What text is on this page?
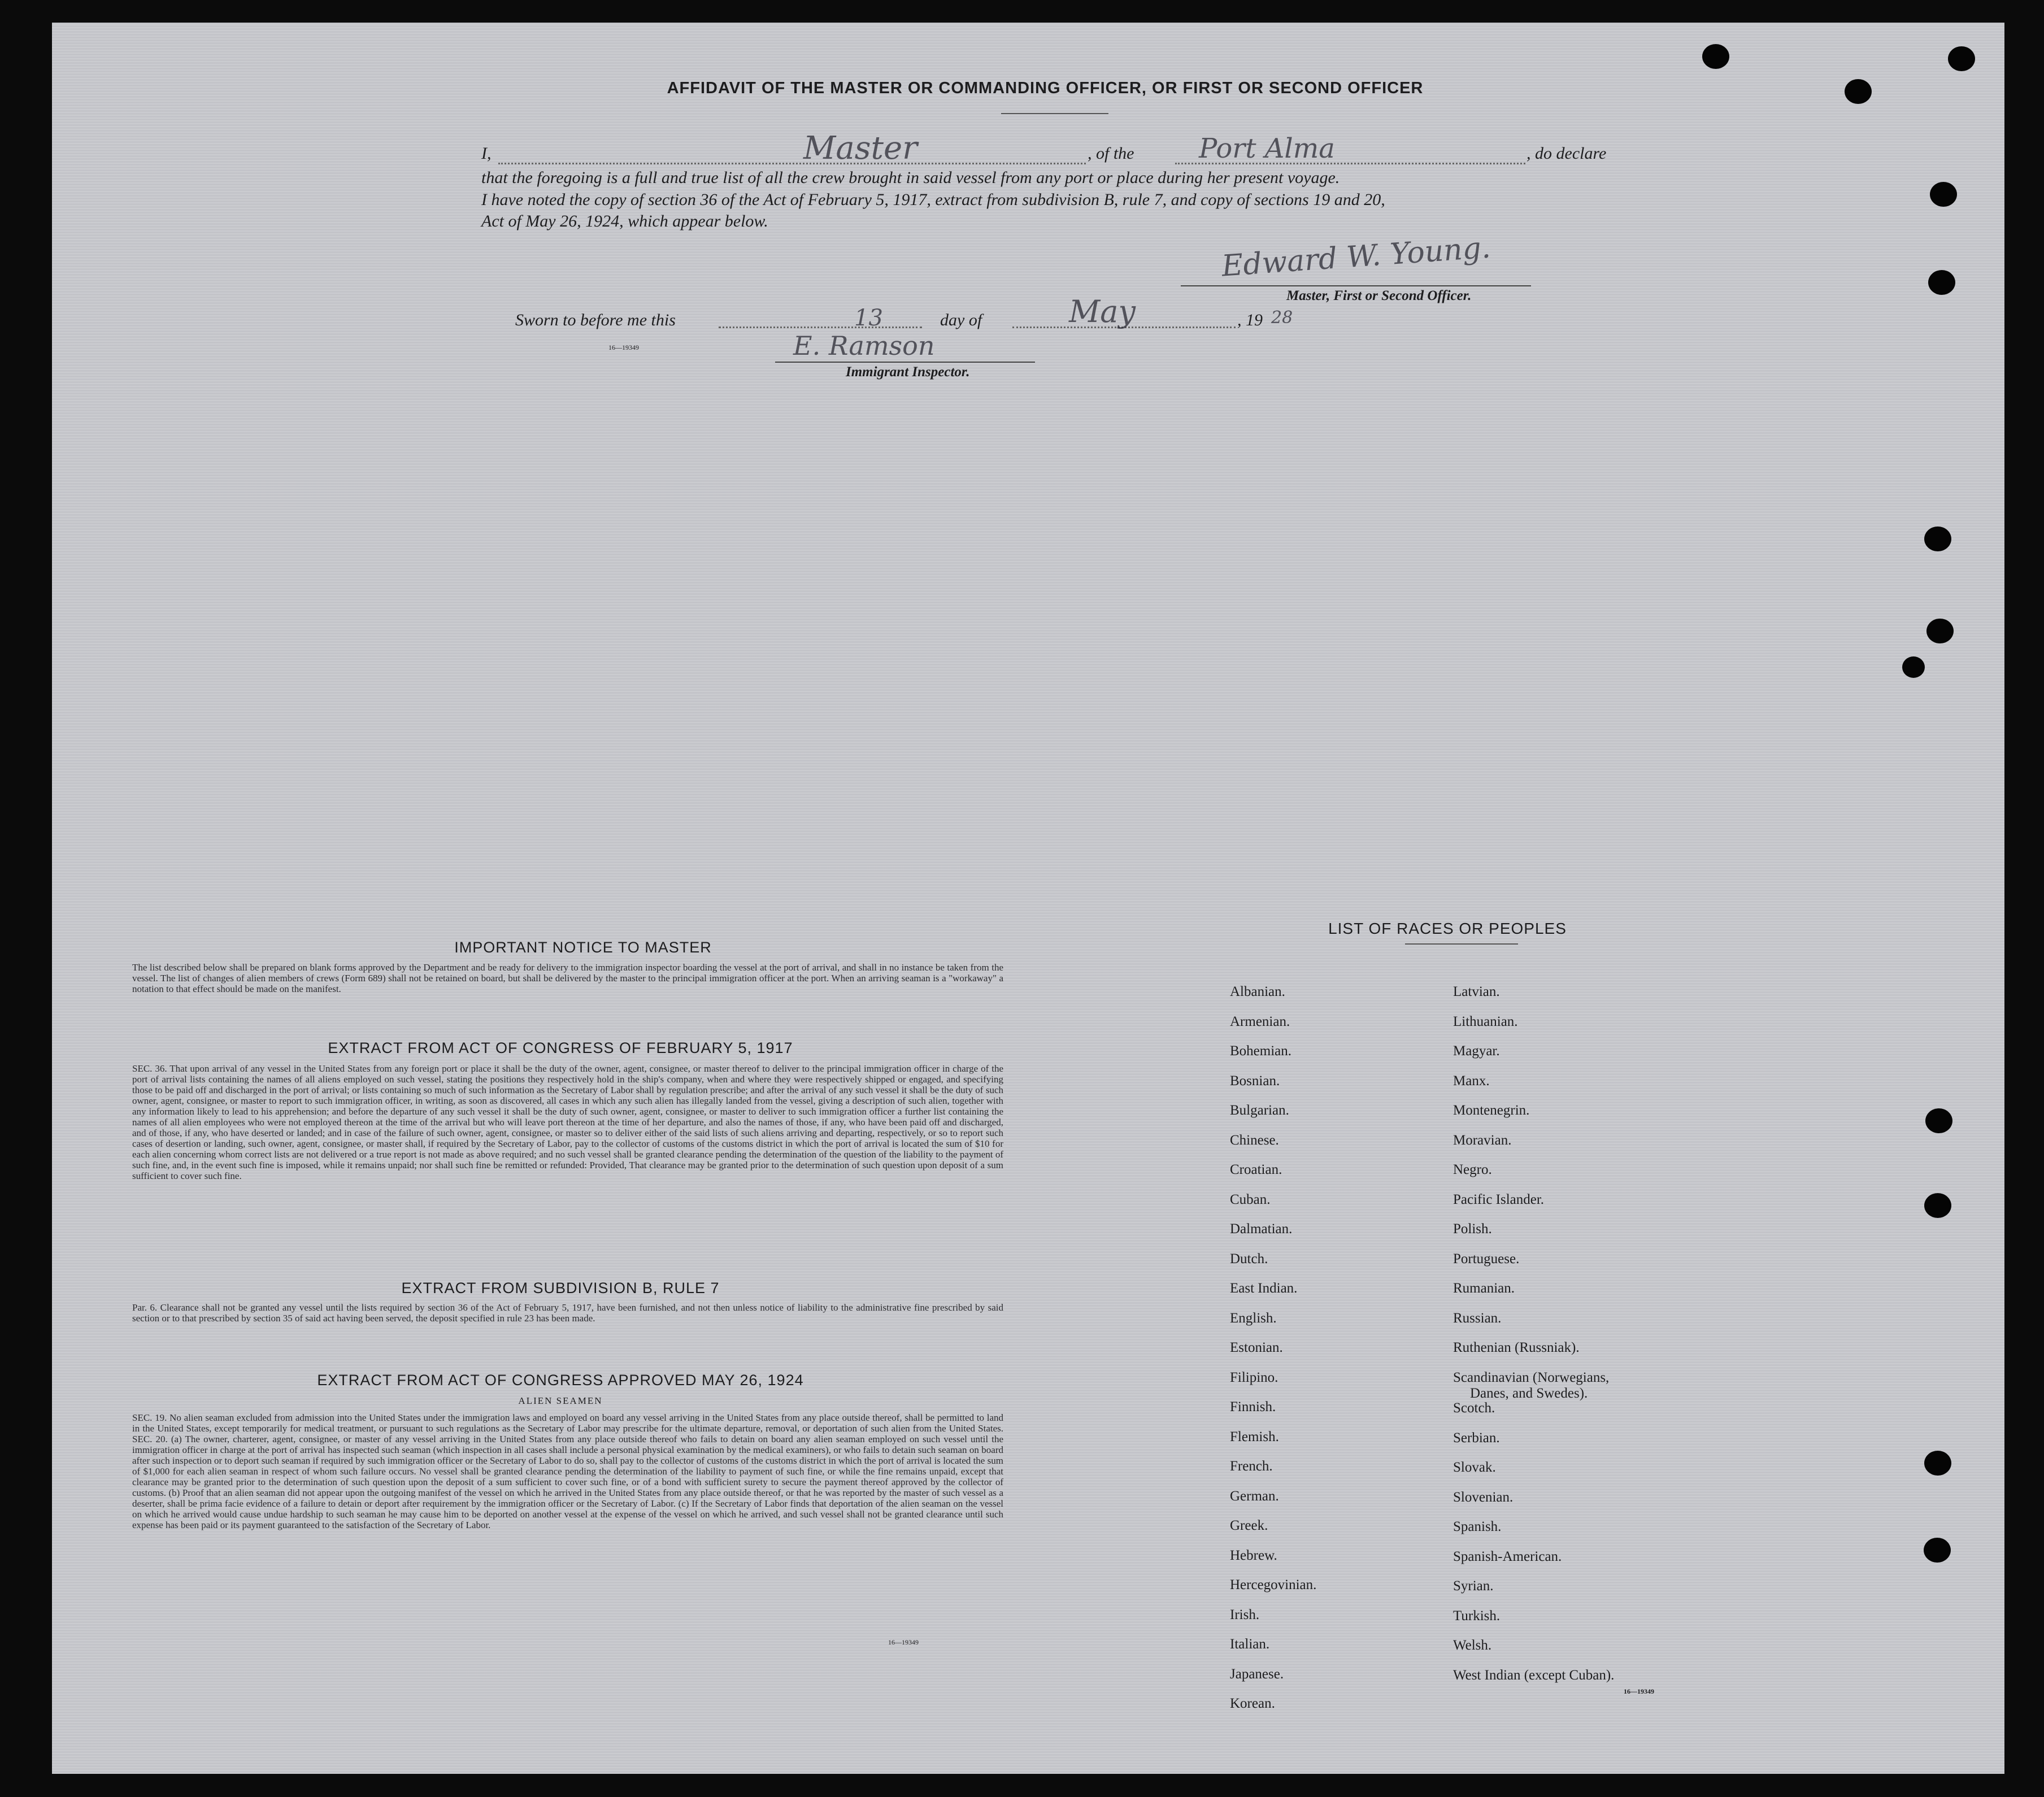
AFFIDAVIT OF THE MASTER OR COMMANDING OFFICER, OR FIRST OR SECOND OFFICER
I,	Master	, of the Port Alma	, do declare
that the foregoing is a full and true list of all the crew brought in said vessel from any port or place during her present voyage.
I have noted the copy of section 36 of the Act of February 5, 1917, extract from subdivision B, rule 7, and copy of sections 19 and 20,
Act of May 26, 1924, which appear below.
Edward W. Young.
Master, First or Second Officer.
Sworn to before me this	13	day of	May	, 19 28
E. Ramson
16—19349
Immigrant Inspector.
IMPORTANT NOTICE TO MASTER
The list described below shall be prepared on blank forms approved by the Department and be ready for delivery to the immigration inspector boarding the vessel at the port of arrival, and shall in no instance be taken from the vessel. The list of changes of alien members of crews (Form 689) shall not be retained on board, but shall be delivered by the master to the principal immigration officer at the port. When an arriving seaman is a "workaway" a notation to that effect should be made on the manifest.
EXTRACT FROM ACT OF CONGRESS OF FEBRUARY 5, 1917
SEC. 36. That upon arrival of any vessel in the United States from any foreign port or place it shall be the duty of the owner, agent, consignee, or master thereof to deliver to the principal immigration officer in charge of the port of arrival lists containing the names of all aliens employed on such vessel, stating the positions they respectively hold in the ship's company, when and where they were respectively shipped or engaged, and specifying those to be paid off and discharged in the port of arrival; or lists containing so much of such information as the Secretary of Labor shall by regulation prescribe; and after the arrival of any such vessel it shall be the duty of such owner, agent, consignee, or master to report to such immigration officer, in writing, as soon as discovered, all cases in which any such alien has illegally landed from the vessel, giving a description of such alien, together with any information likely to lead to his apprehension; and before the departure of any such vessel it shall be the duty of such owner, agent, consignee, or master to deliver to such immigration officer a further list containing the names of all alien employees who were not employed thereon at the time of the arrival but who will leave port thereon at the time of her departure, and also the names of those, if any, who have been paid off and discharged, and of those, if any, who have deserted or landed; and in case of the failure of such owner, agent, consignee, or master so to deliver either of the said lists of such aliens arriving and departing, respectively, or so to report such cases of desertion or landing, such owner, agent, consignee, or master shall, if required by the Secretary of Labor, pay to the collector of customs of the customs district in which the port of arrival is located the sum of $10 for each alien concerning whom correct lists are not delivered or a true report is not made as above required; and no such vessel shall be granted clearance pending the determination of the question of the liability to the payment of such fine, and, in the event such fine is imposed, while it remains unpaid; nor shall such fine be remitted or refunded: Provided, That clearance may be granted prior to the determination of such question upon deposit of a sum sufficient to cover such fine.
EXTRACT FROM SUBDIVISION B, RULE 7
Par. 6. Clearance shall not be granted any vessel until the lists required by section 36 of the Act of February 5, 1917, have been furnished, and not then unless notice of liability to the administrative fine prescribed by said section or to that prescribed by section 35 of said act having been served, the deposit specified in rule 23 has been made.
EXTRACT FROM ACT OF CONGRESS APPROVED MAY 26, 1924
ALIEN SEAMEN
SEC. 19. No alien seaman excluded from admission into the United States under the immigration laws and employed on board any vessel arriving in the United States from any place outside thereof, shall be permitted to land in the United States, except temporarily for medical treatment, or pursuant to such regulations as the Secretary of Labor may prescribe for the ultimate departure, removal, or deportation of such alien from the United States. SEC. 20. (a) The owner, charterer, agent, consignee, or master of any vessel arriving in the United States from any place outside thereof who fails to detain on board any alien seaman employed on such vessel until the immigration officer in charge at the port of arrival has inspected such seaman (which inspection in all cases shall include a personal physical examination by the medical examiners), or who fails to detain such seaman on board after such inspection or to deport such seaman if required by such immigration officer or the Secretary of Labor to do so, shall pay to the collector of customs of the customs district in which the port of arrival is located the sum of $1,000 for each alien seaman in respect of whom such failure occurs. No vessel shall be granted clearance pending the determination of the liability to payment of such fine, or while the fine remains unpaid, except that clearance may be granted prior to the determination of such question upon the deposit of a sum sufficient to cover such fine, or of a bond with sufficient surety to secure the payment thereof approved by the collector of customs. (b) Proof that an alien seaman did not appear upon the outgoing manifest of the vessel on which he arrived in the United States from any place outside thereof, or that he was reported by the master of such vessel as a deserter, shall be prima facie evidence of a failure to detain or deport after requirement by the immigration officer or the Secretary of Labor. (c) If the Secretary of Labor finds that deportation of the alien seaman on the vessel on which he arrived would cause undue hardship to such seaman he may cause him to be deported on another vessel at the expense of the vessel on which he arrived, and such vessel shall not be granted clearance until such expense has been paid or its payment guaranteed to the satisfaction of the Secretary of Labor.
16—19349
LIST OF RACES OR PEOPLES
16—19349
Albanian.
Armenian.
Bohemian.
Bosnian.
Bulgarian.
Chinese.
Croatian.
Cuban.
Dalmatian.
Dutch.
East Indian.
English.
Estonian.
Filipino.
Finnish.
Flemish.
French.
German.
Greek.
Hebrew.
Hercegovinian.
Irish.
Italian.
Japanese.
Korean.
Latvian.
Lithuanian.
Magyar.
Manx.
Montenegrin.
Moravian.
Negro.
Pacific Islander.
Polish.
Portuguese.
Rumanian.
Russian.
Ruthenian (Russniak).
Scandinavian (Norwegians,
Danes, and Swedes).
Scotch.
Serbian.
Slovak.
Slovenian.
Spanish.
Spanish-American.
Syrian.
Turkish.
Welsh.
West Indian (except Cuban).
